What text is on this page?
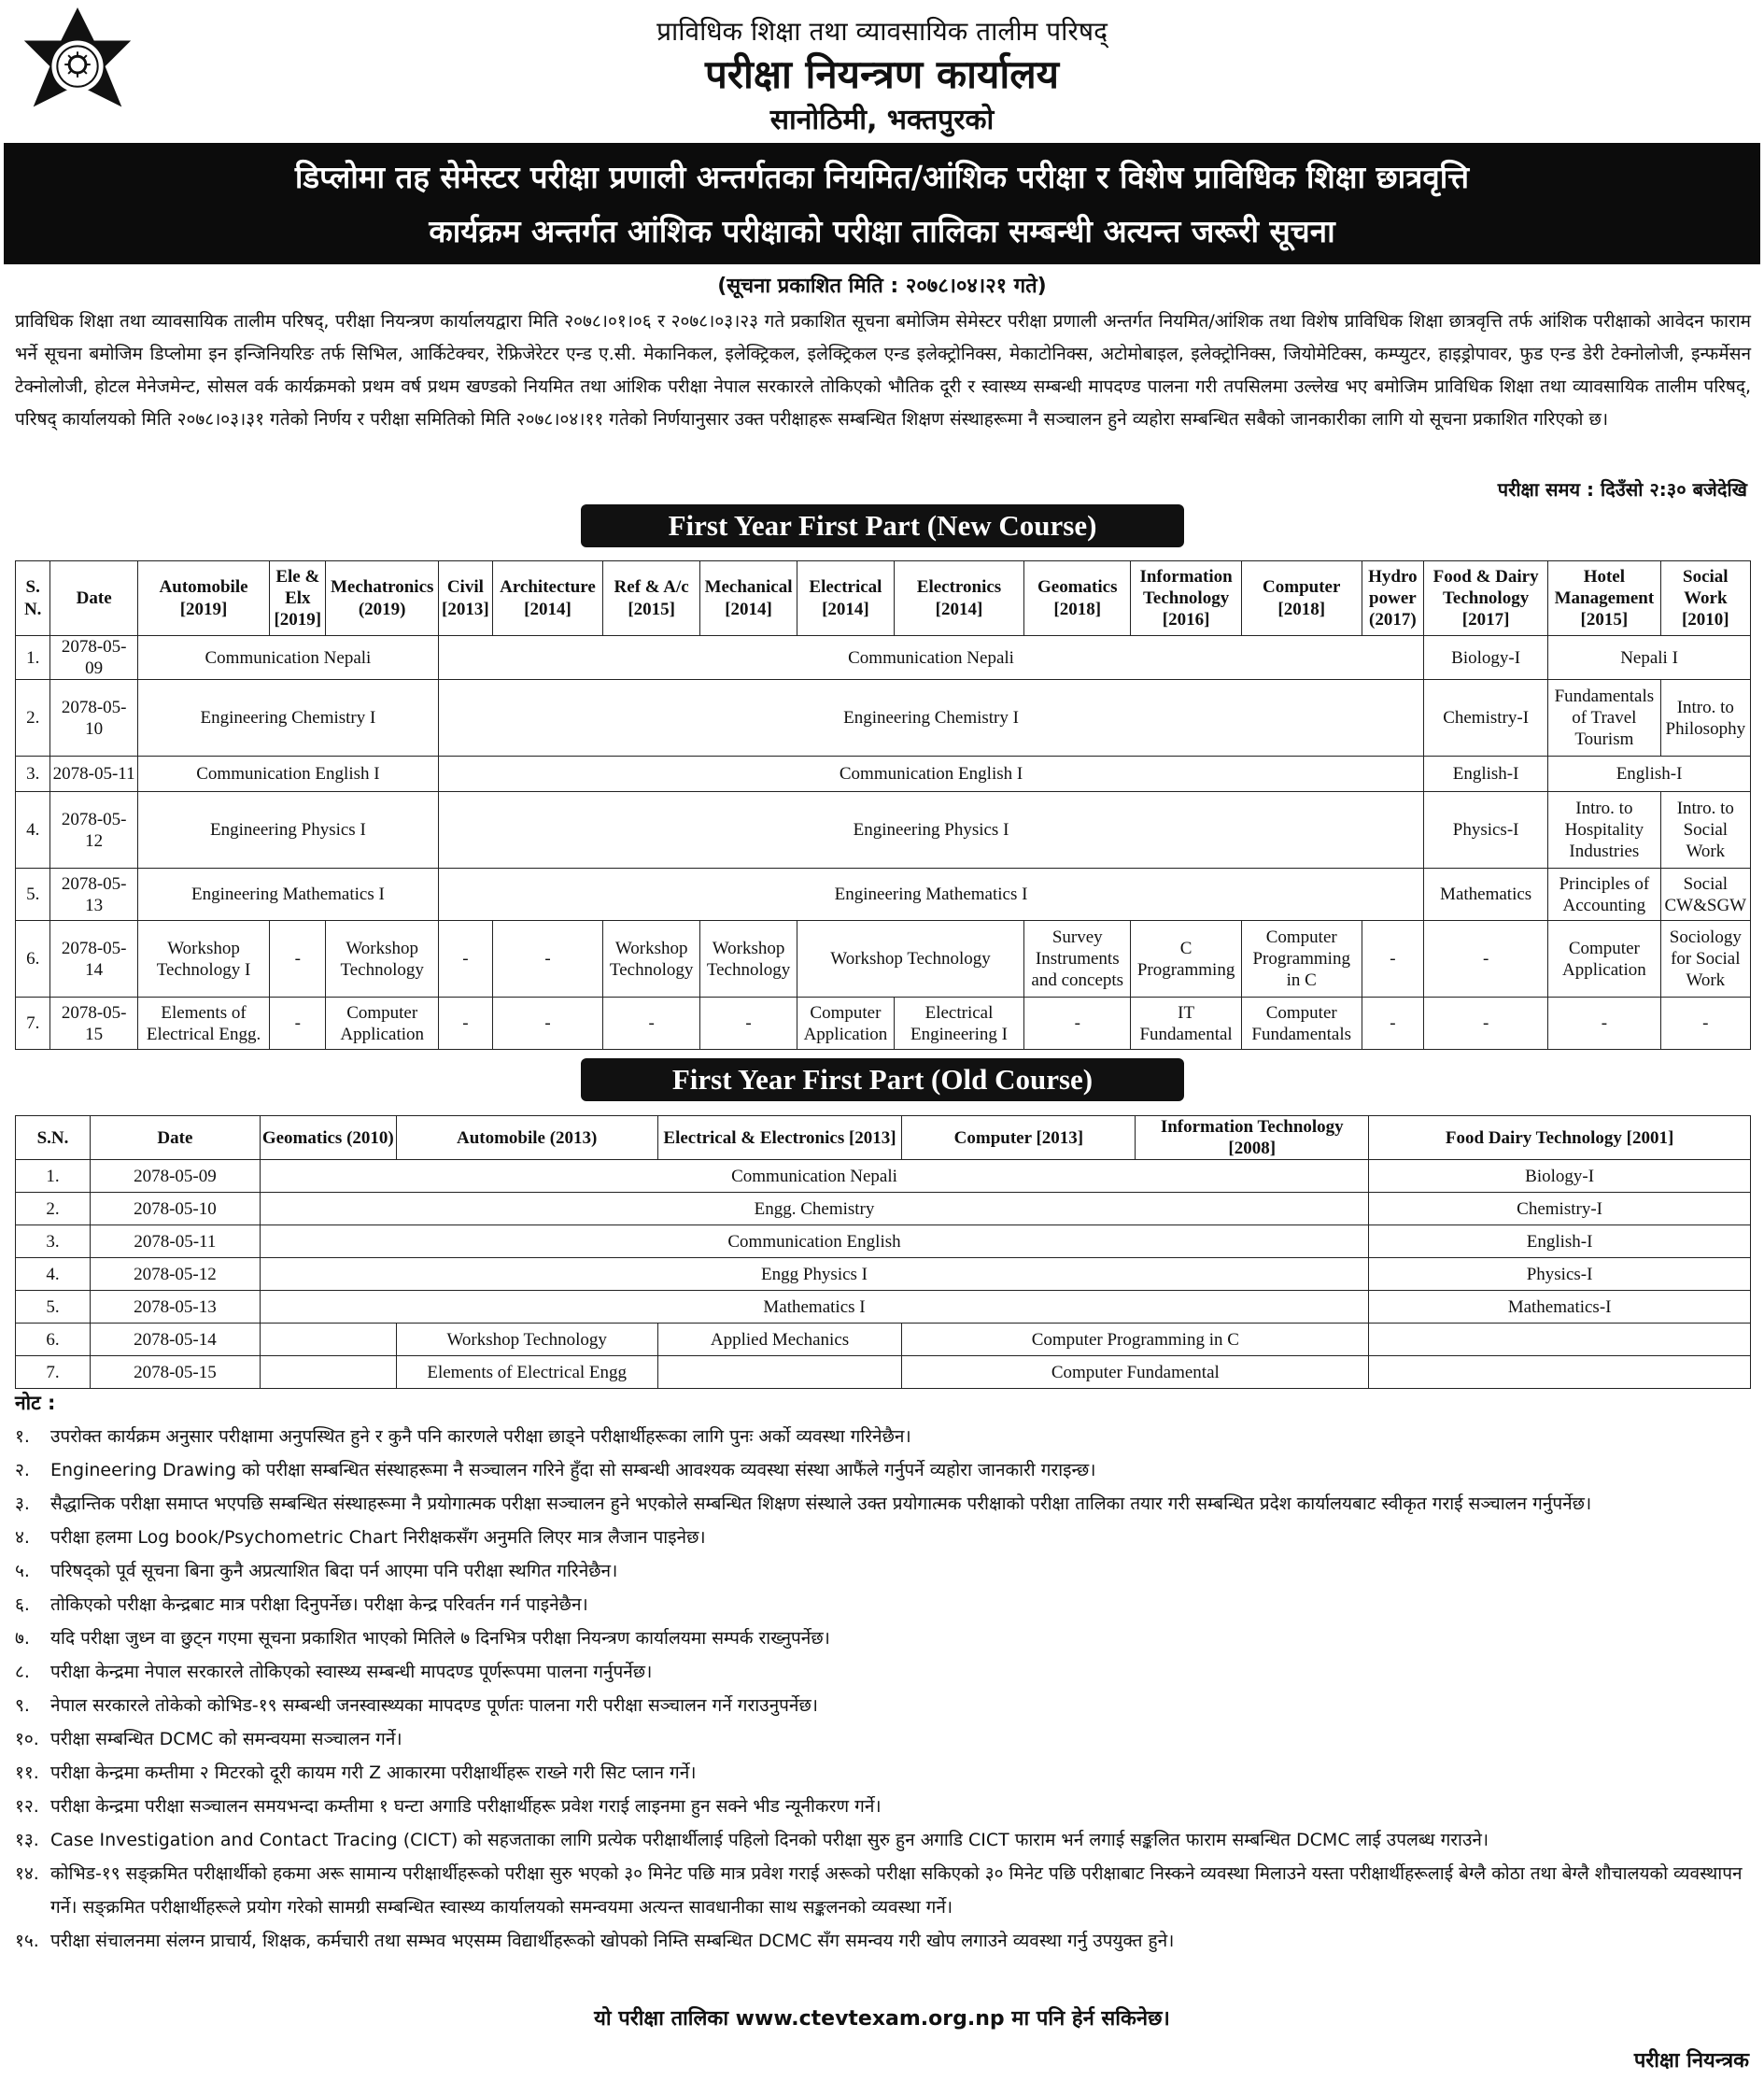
प्राविधिक शिक्षा तथा व्यावसायिक तालीम परिषद्
परीक्षा नियन्त्रण कार्यालय
सानोठिमी, भक्तपुरको
डिप्लोमा तह सेमेस्टर परीक्षा प्रणाली अन्तर्गतका नियमित/आंशिक परीक्षा र विशेष प्राविधिक शिक्षा छात्रवृत्ति
कार्यक्रम अन्तर्गत आंशिक परीक्षाको परीक्षा तालिका सम्बन्धी अत्यन्त जरूरी सूचना
(सूचना प्रकाशित मिति : २०७८।०४।२१ गते)
प्राविधिक शिक्षा तथा व्यावसायिक तालीम परिषद्, परीक्षा नियन्त्रण कार्यालयद्वारा मिति २०७८।०१।०६ र २०७८।०३।२३ गते प्रकाशित सूचना बमोजिम सेमेस्टर परीक्षा प्रणाली अन्तर्गत नियमित/आंशिक तथा विशेष प्राविधिक शिक्षा छात्रवृत्ति तर्फ आंशिक परीक्षाको आवेदन फाराम भर्ने सूचना बमोजिम डिप्लोमा इन इन्जिनियरिङ तर्फ सिभिल, आर्किटेक्चर, रेफ्रिजेरेटर एन्ड ए.सी. मेकानिकल, इलेक्ट्रिकल, इलेक्ट्रिकल एन्ड इलेक्ट्रोनिक्स, मेकाटोनिक्स, अटोमोबाइल, इलेक्ट्रोनिक्स, जियोमेटिक्स, कम्प्युटर, हाइड्रोपावर, फुड एन्ड डेरी टेक्नोलोजी, इन्फर्मेसन टेक्नोलोजी, होटल मेनेजमेन्ट, सोसल वर्क कार्यक्रमको प्रथम वर्ष प्रथम खण्डको नियमित तथा आंशिक परीक्षा नेपाल सरकारले तोकिएको भौतिक दूरी र स्वास्थ्य सम्बन्धी मापदण्ड पालना गरी तपसिलमा उल्लेख भए बमोजिम प्राविधिक शिक्षा तथा व्यावसायिक तालीम परिषद्, परिषद् कार्यालयको मिति २०७८।०३।३१ गतेको निर्णय र परीक्षा समितिको मिति २०७८।०४।११ गतेको निर्णयानुसार उक्त परीक्षाहरू सम्बन्धित शिक्षण संस्थाहरूमा नै सञ्चालन हुने व्यहोरा सम्बन्धित सबैको जानकारीका लागि यो सूचना प्रकाशित गरिएको छ।
परीक्षा समय : दिउँसो २:३० बजेदेखि
First Year First Part (New Course)
S. N.	Date	Automobile [2019]	Ele & Elx [2019]	Mechatronics (2019)	Civil [2013]	Architecture [2014]	Ref & A/c [2015]	Mechanical [2014]	Electrical [2014]	Electronics [2014]	Geomatics [2018]	Information Technology [2016]	Computer [2018]	Hydro power (2017)	Food & Dairy Technology [2017]	Hotel Management [2015]	Social Work [2010]
1.	2078-05-09	Communication Nepali			Communication Nepali										Biology-I	Nepali I	
2.	2078-05-10	Engineering Chemistry I			Engineering Chemistry I										Chemistry-I	Fundamentals of Travel Tourism	Intro. to Philosophy
3.	2078-05-11	Communication English I			Communication English I										English-I	English-I	
4.	2078-05-12	Engineering Physics I			Engineering Physics I										Physics-I	Intro. to Hospitality Industries	Intro. to Social Work
5.	2078-05-13	Engineering Mathematics I			Engineering Mathematics I										Mathematics	Principles of Accounting	Social CW&SGW
6.	2078-05-14	Workshop Technology I	-	Workshop Technology	-	-	Workshop Technology	Workshop Technology	Workshop Technology		Survey Instruments and concepts	C Programming	Computer Programming in C	-	-	Computer Application	Sociology for Social Work
7.	2078-05-15	Elements of Electrical Engg.	-	Computer Application	-	-	-	-	Computer Application	Electrical Engineering I	-	IT Fundamental	Computer Fundamentals	-	-	-	-
First Year First Part (Old Course)
S.N.	Date	Geomatics (2010)	Automobile (2013)	Electrical & Electronics [2013]	Computer [2013]	Information Technology [2008]	Food Dairy Technology [2001]
1.	2078-05-09	Communication Nepali					Biology-I
2.	2078-05-10	Engg. Chemistry					Chemistry-I
3.	2078-05-11	Communication English					English-I
4.	2078-05-12	Engg Physics I					Physics-I
5.	2078-05-13	Mathematics I					Mathematics-I
6.	2078-05-14		Workshop Technology	Applied Mechanics	Computer Programming in C		
7.	2078-05-15		Elements of Electrical Engg		Computer Fundamental		
नोट :
१.	उपरोक्त कार्यक्रम अनुसार परीक्षामा अनुपस्थित हुने र कुनै पनि कारणले परीक्षा छाड्ने परीक्षार्थीहरूका लागि पुनः अर्को व्यवस्था गरिनेछैन।
२.	Engineering Drawing को परीक्षा सम्बन्धित संस्थाहरूमा नै सञ्चालन गरिने हुँदा सो सम्बन्धी आवश्यक व्यवस्था संस्था आफैंले गर्नुपर्ने व्यहोरा जानकारी गराइन्छ।
३.	सैद्धान्तिक परीक्षा समाप्त भएपछि सम्बन्धित संस्थाहरूमा नै प्रयोगात्मक परीक्षा सञ्चालन हुने भएकोले सम्बन्धित शिक्षण संस्थाले उक्त प्रयोगात्मक परीक्षाको परीक्षा तालिका तयार गरी सम्बन्धित प्रदेश कार्यालयबाट स्वीकृत गराई सञ्चालन गर्नुपर्नेछ।
४.	परीक्षा हलमा Log book/Psychometric Chart निरीक्षकसँग अनुमति लिएर मात्र लैजान पाइनेछ।
५.	परिषद्को पूर्व सूचना बिना कुनै अप्रत्याशित बिदा पर्न आएमा पनि परीक्षा स्थगित गरिनेछैन।
६.	तोकिएको परीक्षा केन्द्रबाट मात्र परीक्षा दिनुपर्नेछ। परीक्षा केन्द्र परिवर्तन गर्न पाइनेछैन।
७.	यदि परीक्षा जुध्न वा छुट्न गएमा सूचना प्रकाशित भाएको मितिले ७ दिनभित्र परीक्षा नियन्त्रण कार्यालयमा सम्पर्क राख्नुपर्नेछ।
८.	परीक्षा केन्द्रमा नेपाल सरकारले तोकिएको स्वास्थ्य सम्बन्धी मापदण्ड पूर्णरूपमा पालना गर्नुपर्नेछ।
९.	नेपाल सरकारले तोकेको कोभिड-१९ सम्बन्धी जनस्वास्थ्यका मापदण्ड पूर्णतः पालना गरी परीक्षा सञ्चालन गर्ने गराउनुपर्नेछ।
१०. परीक्षा सम्बन्धित DCMC को समन्वयमा सञ्चालन गर्ने।
११. परीक्षा केन्द्रमा कम्तीमा २ मिटरको दूरी कायम गरी Z आकारमा परीक्षार्थीहरू राख्ने गरी सिट प्लान गर्ने।
१२. परीक्षा केन्द्रमा परीक्षा सञ्चालन समयभन्दा कम्तीमा १ घन्टा अगाडि परीक्षार्थीहरू प्रवेश गराई लाइनमा हुन सक्ने भीड न्यूनीकरण गर्ने।
१३. Case Investigation and Contact Tracing (CICT) को सहजताका लागि प्रत्येक परीक्षार्थीलाई पहिलो दिनको परीक्षा सुरु हुन अगाडि CICT फाराम भर्न लगाई सङ्कलित फाराम सम्बन्धित DCMC लाई उपलब्ध गराउने।
१४. कोभिड-१९ सङ्क्रमित परीक्षार्थीको हकमा अरू सामान्य परीक्षार्थीहरूको परीक्षा सुरु भएको ३० मिनेट पछि मात्र प्रवेश गराई अरूको परीक्षा सकिएको ३० मिनेट पछि परीक्षाबाट निस्कने व्यवस्था मिलाउने यस्ता परीक्षार्थीहरूलाई बेग्लै कोठा तथा बेग्लै शौचालयको व्यवस्थापन गर्ने। सङ्क्रमित परीक्षार्थीहरूले प्रयोग गरेको सामग्री सम्बन्धित स्वास्थ्य कार्यालयको समन्वयमा अत्यन्त सावधानीका साथ सङ्कलनको व्यवस्था गर्ने।
१५. परीक्षा संचालनमा संलग्न प्राचार्य, शिक्षक, कर्मचारी तथा सम्भव भएसम्म विद्यार्थीहरूको खोपको निम्ति सम्बन्धित DCMC सँग समन्वय गरी खोप लगाउने व्यवस्था गर्नु उपयुक्त हुने।
यो परीक्षा तालिका www.ctevtexam.org.np मा पनि हेर्न सकिनेछ।
परीक्षा नियन्त्रक
